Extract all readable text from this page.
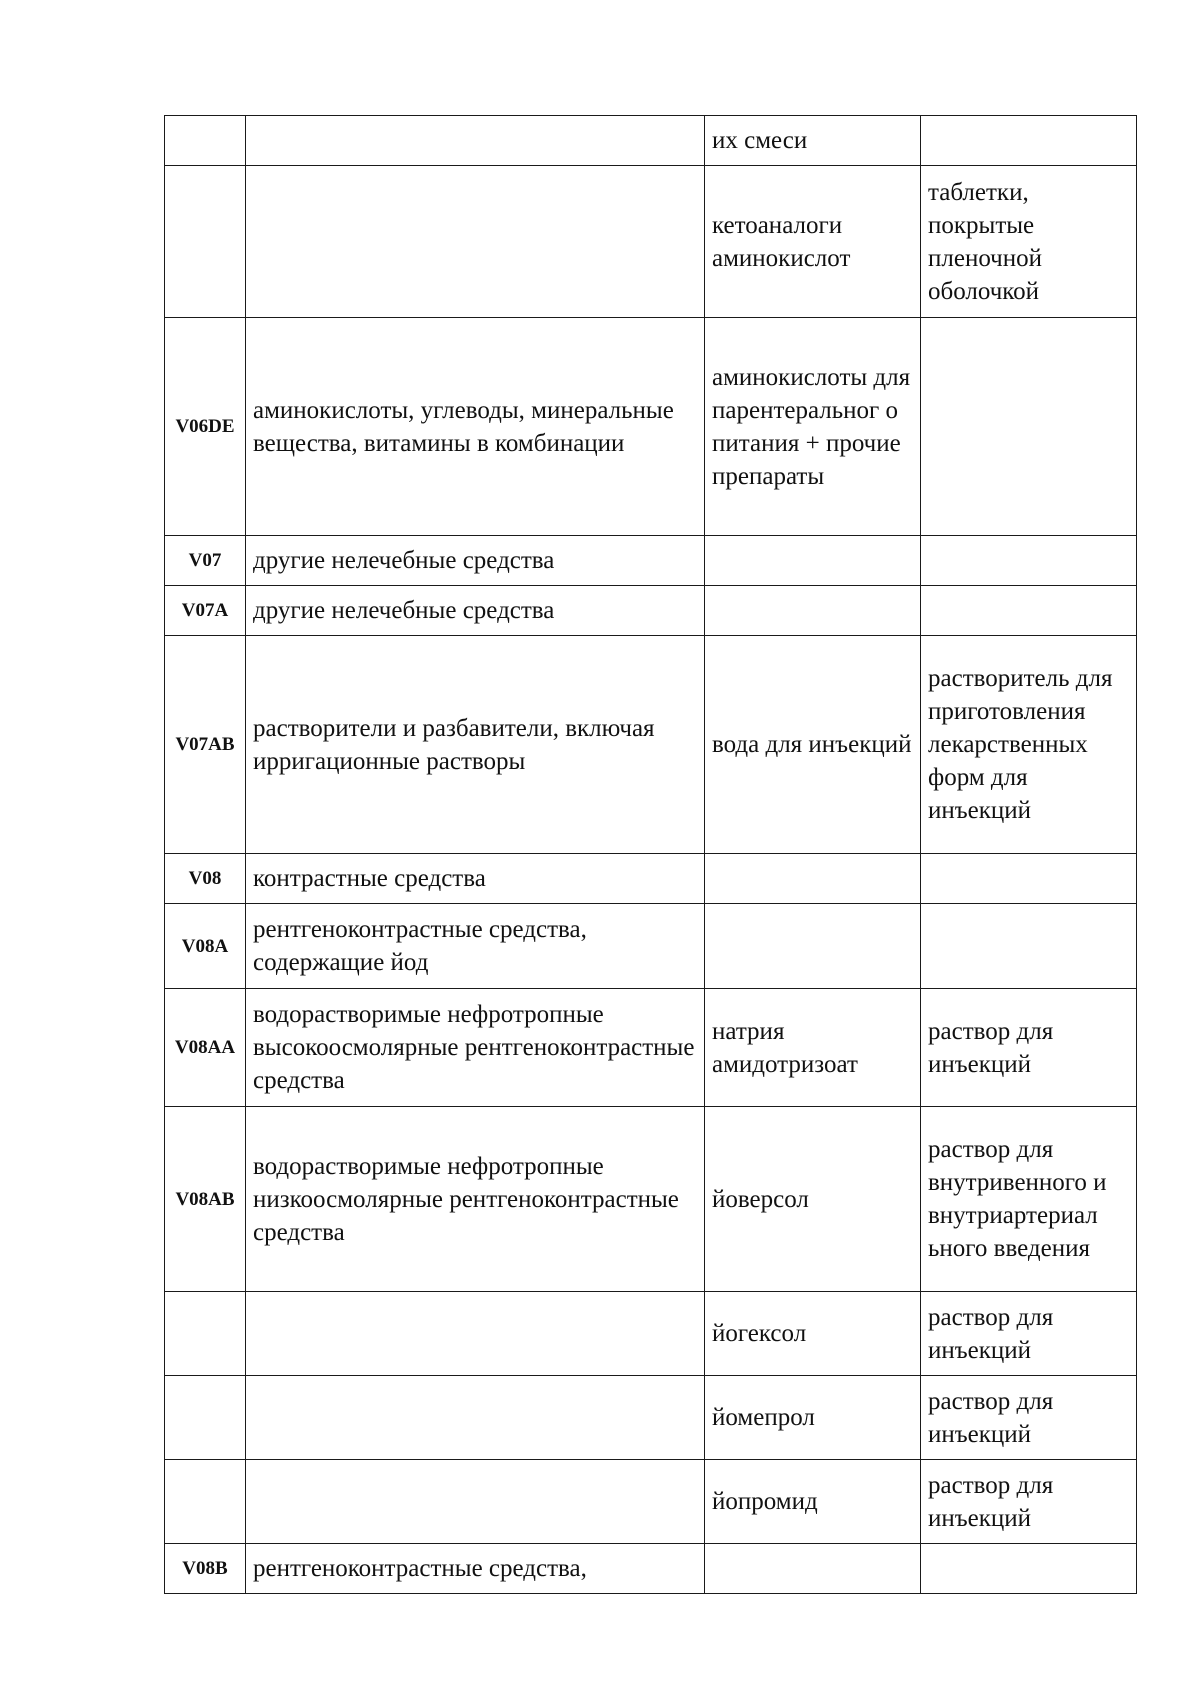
		их смеси	
		кетоаналоги аминокислот	таблетки, покрытые пленочной оболочкой
V06DE	аминокислоты, углеводы, минеральные вещества, витамины в комбинации	аминокислоты для парентеральног о питания + прочие препараты	
V07	другие нелечебные средства		
V07A	другие нелечебные средства		
V07AB	растворители и разбавители, включая ирригационные растворы	вода для инъекций	растворитель для приготовления лекарственных форм для инъекций
V08	контрастные средства		
V08A	рентгеноконтрастные средства, содержащие йод		
V08AA	водорастворимые нефротропные высокоосмолярные рентгеноконтрастные средства	натрия амидотризоат	раствор для инъекций
V08AB	водорастворимые нефротропные низкоосмолярные рентгеноконтрастные средства	йоверсол	раствор для внутривенного и внутриартериал ьного введения
		йогексол	раствор для инъекций
		йомепрол	раствор для инъекций
		йопромид	раствор для инъекций
V08B	рентгеноконтрастные средства,		
